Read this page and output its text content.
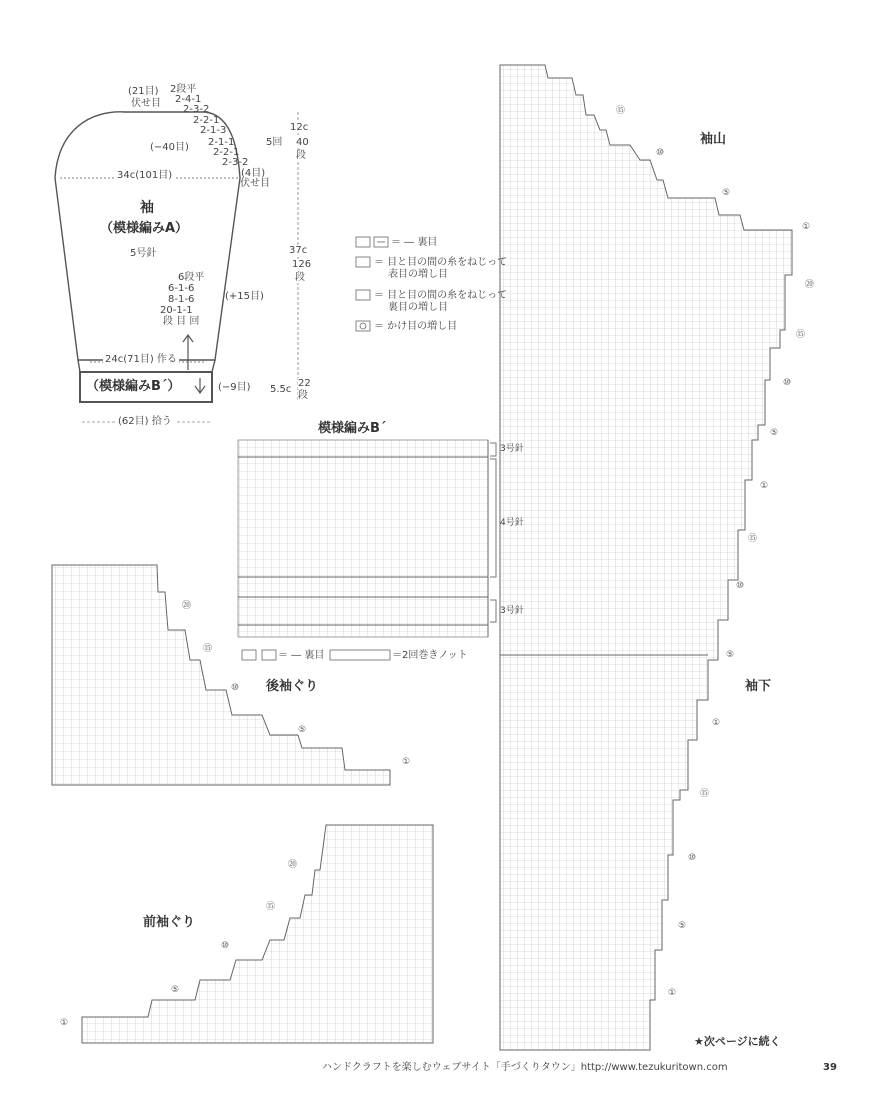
(21目)
伏せ目
2段平
2-4-1
2-3-2
2-2-1
2-1-3
2-1-1	5回
2-2-1
2-3-2
(4目)
伏せ目
(−40目)
34c(101目)
袖
（模様編みA）
5号針
6段平
6-1-6
8-1-6
20-1-1
段 目 回
(+15目)
24c(71目) 作る
（模様編みB´）	(−9目)
(62目) 拾う
12c
40
段
37c
126
段
5.5c
22
段
＝ ― 裏目
＝ 目と目の間の糸をねじって
表目の増し目
＝ 目と目の間の糸をねじって
裏目の増し目
＝ かけ目の増し目
模様編みB´
3号針
4号針
3号針
＝ ― 裏目	＝2回巻きノット
後袖ぐり
前袖ぐり
袖山
袖下
⑳
⑮
⑩
⑤
①
⑳
⑮
⑩
⑤
①
⑮
⑩
⑤
①
⑳
⑮
⑩
⑤
①
⑮
⑩
⑤
①
⑮
⑩
⑤
①
★次ページに続く
ハンドクラフトを楽しむウェブサイト「手づくりタウン」http://www.tezukuritown.com	39
